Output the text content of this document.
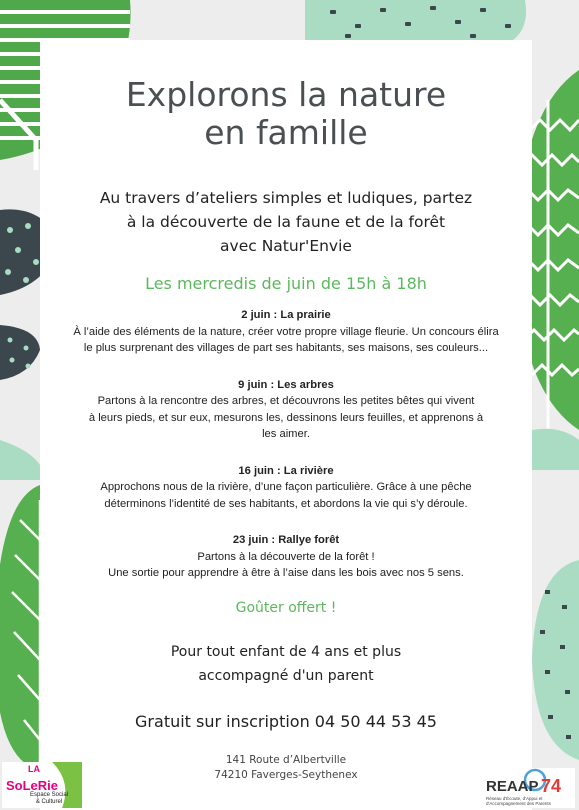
Explorons la nature
en famille
Au travers d’ateliers simples et ludiques, partez
à la découverte de la faune et de la forêt
avec Natur'Envie
Les mercredis de juin de 15h à 18h
2 juin : La prairie
À l’aide des éléments de la nature, créer votre propre village fleurie. Un concours élira
le plus surprenant des villages de part ses habitants, ses maisons, ses couleurs...
9 juin : Les arbres
Partons à la rencontre des arbres, et découvrons les petites bêtes qui vivent
à leurs pieds, et sur eux, mesurons les, dessinons leurs feuilles, et apprenons à
les aimer.
16 juin : La rivière
Approchons nous de la rivière, d’une façon particulière. Grâce à une pêche
déterminons l’identité de ses habitants, et abordons la vie qui s’y déroule.
23 juin : Rallye forêt
Partons à la découverte de la forêt !
Une sortie pour apprendre à être à l’aise dans les bois avec nos 5 sens.
Goûter offert !
Pour tout enfant de 4 ans et plus
accompagné d'un parent
Gratuit sur inscription 04 50 44 53 45
141 Route d’Albertville
74210 Faverges-Seythenex
LA
SoLeRie
Espace Social
& Culturel
REAAP 74
Réseau d'Écoute, d'Appui et d'Accompagnement des Parents
